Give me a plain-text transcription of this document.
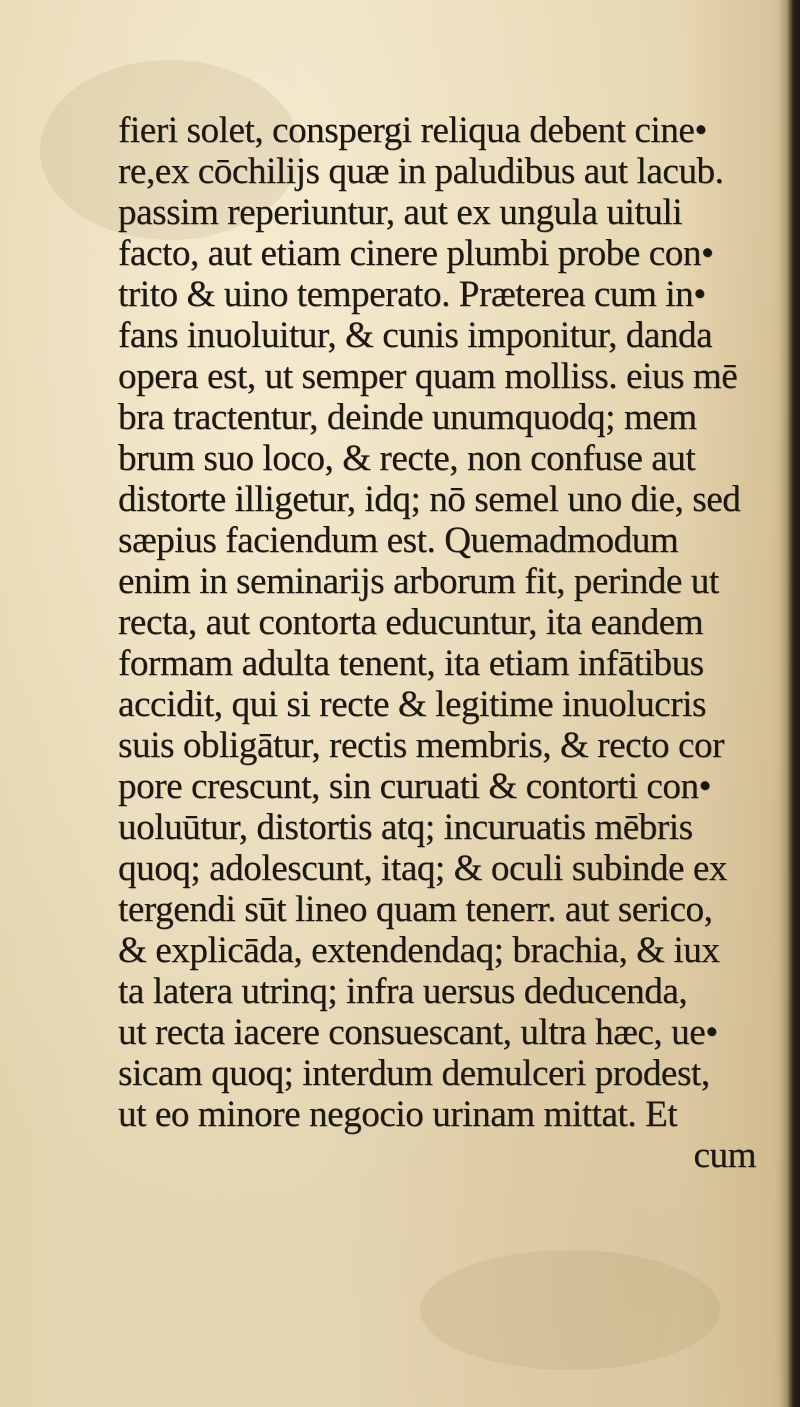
fieri solet, conspergi reliqua debent cine•
re,ex cōchilijs quæ in paludibus aut lacub.
passim reperiuntur, aut ex ungula uituli
facto, aut etiam cinere plumbi probe con•
trito & uino temperato. Præterea cum in•
fans inuoluitur, & cunis imponitur, danda
opera est, ut semper quam molliss. eius mē
bra tractentur, deinde unumquodq; mem
brum suo loco, & recte, non confuse aut
distorte illigetur, idq; nō semel uno die, sed
sæpius faciendum est. Quemadmodum
enim in seminarijs arborum fit, perinde ut
recta, aut contorta educuntur, ita eandem
formam adulta tenent, ita etiam infātibus
accidit, qui si recte & legitime inuolucris
suis obligātur, rectis membris, & recto cor
pore crescunt, sin curuati & contorti con•
uoluūtur, distortis atq; incuruatis mēbris
quoq; adolescunt, itaq; & oculi subinde ex
tergendi sūt lineo quam tenerr. aut serico,
& explicāda, extendendaq; brachia, & iux
ta latera utrinq; infra uersus deducenda,
ut recta iacere consuescant, ultra hæc, ue•
sicam quoq; interdum demulceri prodest,
ut eo minore negocio urinam mittat. Et
cum
